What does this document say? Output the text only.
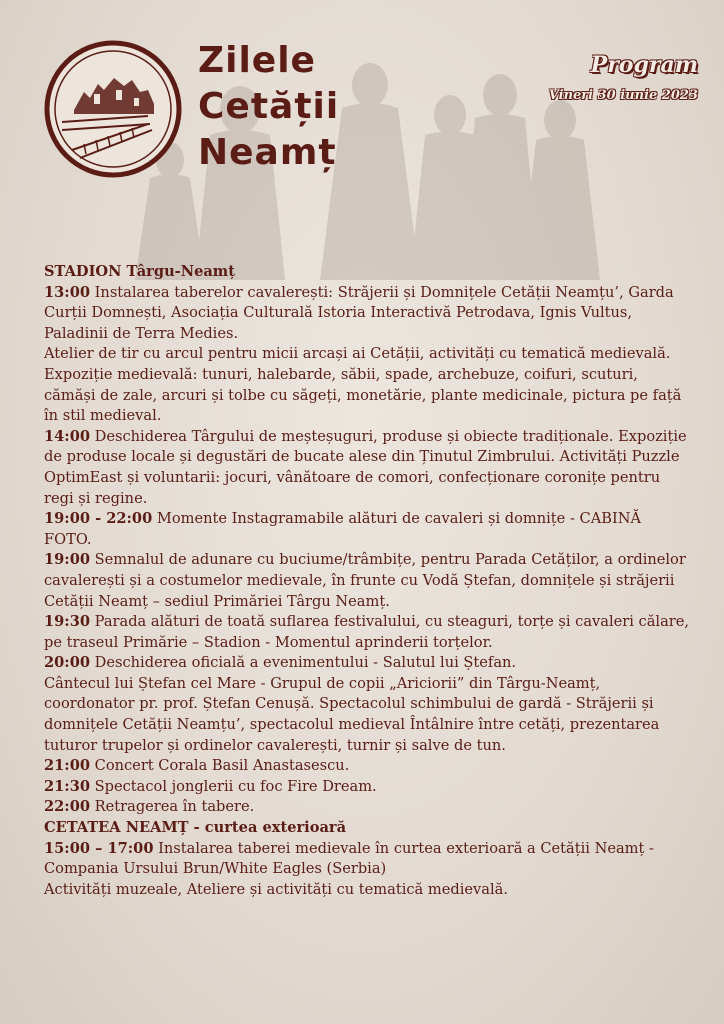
Zilele
Cetății
Neamț
Program
Vineri 30 iunie 2023

STADION Târgu-Neamț

13:00 Instalarea taberelor cavalerești: Străjerii și Domnițele Cetății Neamțu’, Garda Curții Domnești, Asociația Culturală Istoria Interactivă Petrodava, Ignis Vultus, Paladinii de Terra Medies.

Atelier de tir cu arcul pentru micii arcași ai Cetății, activități cu tematică medievală. Expoziție medievală: tunuri, halebarde, săbii, spade, archebuze, coifuri, scuturi, cămăși de zale, arcuri și tolbe cu săgeți, monetărie, plante medicinale, pictura pe față în stil medieval.

14:00 Deschiderea Târgului de meșteșuguri, produse și obiecte tradiționale. Expoziție de produse locale și degustări de bucate alese din Ținutul Zimbrului. Activități Puzzle OptimEast și voluntarii: jocuri, vânătoare de comori, confecționare coronițe pentru regi și regine.

19:00 - 22:00 Momente Instagramabile alături de cavaleri și domnițe - CABINĂ FOTO.

19:00 Semnalul de adunare cu buciume/trâmbițe, pentru Parada Cetăților, a ordinelor cavalerești și a costumelor medievale, în frunte cu Vodă Ștefan, domnițele și străjerii Cetății Neamț – sediul Primăriei Târgu Neamț.

19:30 Parada alături de toată suflarea festivalului, cu steaguri, torțe și cavaleri călare, pe traseul Primărie – Stadion - Momentul aprinderii torțelor.

20:00 Deschiderea oficială a evenimentului - Salutul lui Ștefan.

Cântecul lui Ștefan cel Mare - Grupul de copii „Ariciorii” din Târgu-Neamț, coordonator pr. prof. Ștefan Cenușă. Spectacolul schimbului de gardă - Străjerii și domnițele Cetății Neamțu’, spectacolul medieval Întâlnire între cetăți, prezentarea tuturor trupelor și ordinelor cavalerești, turnir și salve de tun.

21:00 Concert Corala Basil Anastasescu.

21:30 Spectacol jonglerii cu foc Fire Dream.

22:00 Retragerea în tabere.

CETATEA NEAMȚ - curtea exterioară

15:00 – 17:00 Instalarea taberei medievale în curtea exterioară a Cetății Neamț - Compania Ursului Brun/White Eagles (Serbia)

Activități muzeale, Ateliere și activități cu tematică medievală.
